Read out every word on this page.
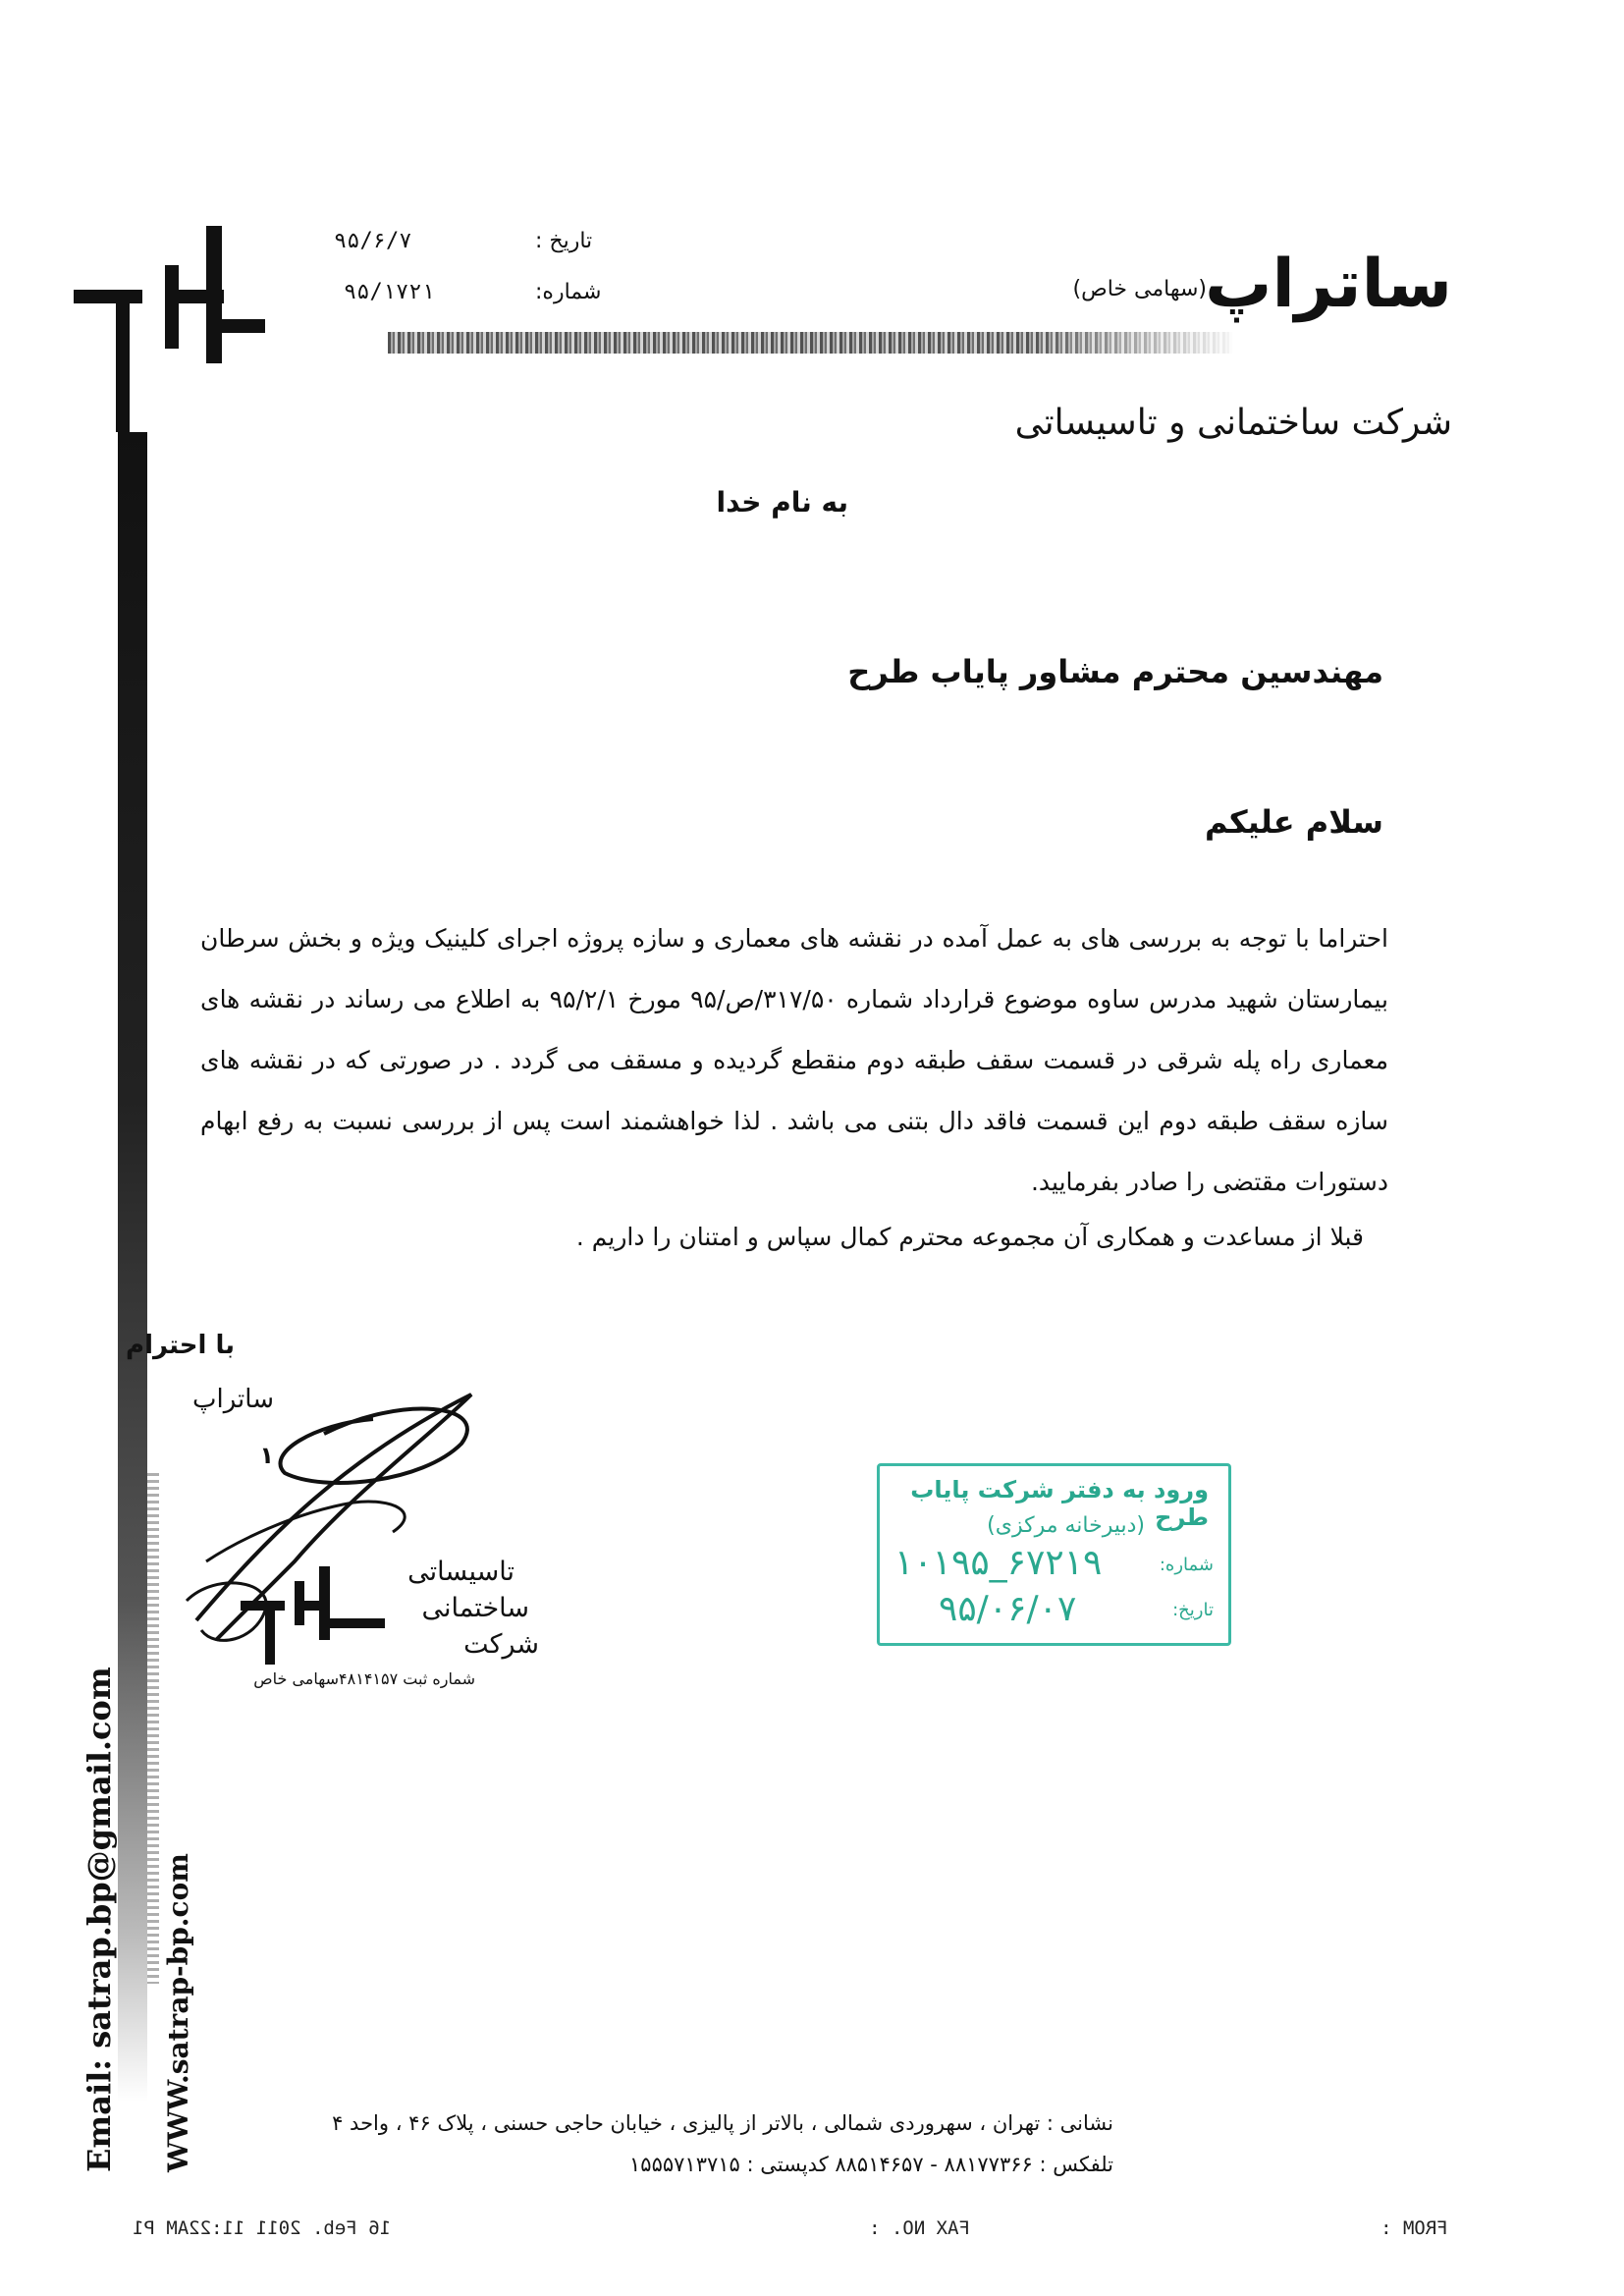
ساتراپ
(سهامی خاص)
شرکت ساختمانی و تاسیساتی
تاریخ :
۹۵/۶/۷
شماره:
۹۵/۱۷۲۱
به نام خدا
مهندسین محترم مشاور پایاب طرح
سلام علیکم
احتراما با توجه به بررسی های به عمل آمده در نقشه های معماری و سازه پروژه اجرای کلینیک ویژه و بخش سرطان بیمارستان شهید مدرس ساوه موضوع قرارداد شماره ۳۱۷/۵۰/ص/۹۵ مورخ ۹۵/۲/۱ به اطلاع می رساند در نقشه های معماری راه پله شرقی در قسمت سقف طبقه دوم منقطع گردیده و مسقف می گردد . در صورتی که در نقشه های سازه سقف طبقه دوم این قسمت فاقد دال بتنی می باشد . لذا خواهشمند است پس از بررسی نسبت به رفع ابهام دستورات مقتضی را صادر بفرمایید.
قبلا از مساعدت و همکاری آن مجموعه محترم کمال سپاس و امتنان را داریم .
با احترام
ساتراپ
۱
تاسیساتی
ساختمانی
شرکت
شماره ثبت ۴۸۱۴۱۵۷سهامی خاص
ورود به دفتر شرکت پایاب طرح
(دبیرخانه مرکزی)
شماره:
۱۰۱۹۵_۶۷۲۱۹
تاریخ:
۹۵/۰۶/۰۷
Email: satrap.bp@gmail.com WWW.satrap-bp.com	نشانی : تهران ، سهروردی شمالی ، بالاتر از پالیزی ، خیابان حاجی حسنی ، پلاک ۴۶ ، واحد ۴
تلفکس : ۸۸۱۷۷۳۶۶ - ۸۸۵۱۴۶۵۷ کدپستی : ۱۵۵۵۷۱۳۷۱۵
FROM :
FAX NO. :
16 Feb. 2011 11:22AM P1
